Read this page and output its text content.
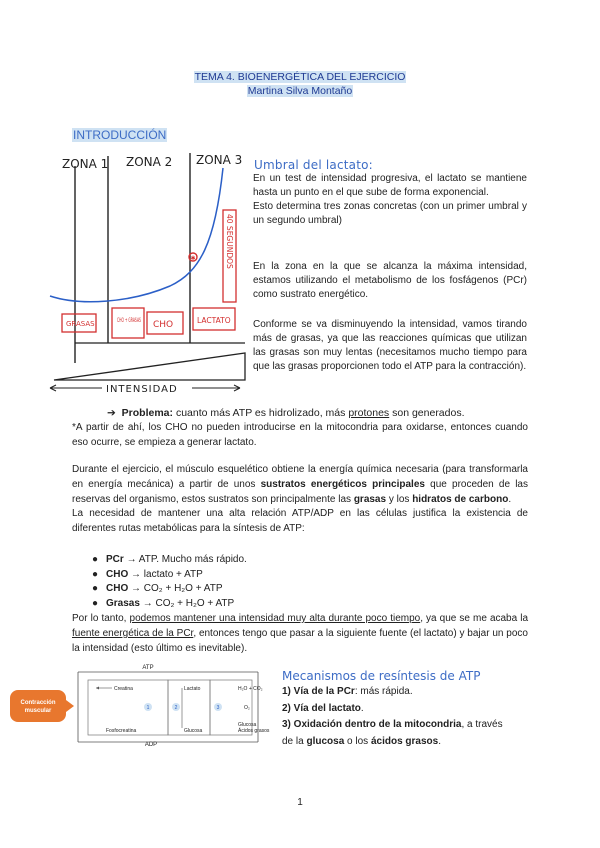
TEMA 4. BIOENERGÉTICA DEL EJERCICIO
Martina Silva Montaño
INTRODUCCIÓN
ZONA 1 ZONA 2 ZONA 3
✱	40 SEGUNDOS
GRASAS	CHO + GRASAS CHO	LACTATO
INTENSIDAD
Umbral del lactato:

En un test de intensidad progresiva, el lactato se mantiene hasta un punto en el que sube de forma exponencial.

Esto determina tres zonas concretas (con un primer umbral y un segundo umbral)

En la zona en la que se alcanza la máxima intensidad, estamos utilizando el metabolismo de los fosfágenos (PCr) como sustrato energético.

Conforme se va disminuyendo la intensidad, vamos tirando más de grasas, ya que las reacciones químicas que utilizan las grasas son muy lentas (necesitamos mucho tiempo para que las grasas proporcionen todo el ATP para la contracción).

➔ Problema: cuanto más ATP es hidrolizado, más protones son generados.

*A partir de ahí, los CHO no pueden introducirse en la mitocondria para oxidarse, entonces cuando eso ocurre, se empieza a generar lactato.

Durante el ejercicio, el músculo esquelético obtiene la energía química necesaria (para transformarla en energía mecánica) a partir de unos sustratos energéticos principales que proceden de las reservas del organismo, estos sustratos son principalmente las grasas y los hidratos de carbono.

La necesidad de mantener una alta relación ATP/ADP en las células justifica la existencia de diferentes rutas metabólicas para la síntesis de ATP:

● PCr → ATP. Mucho más rápido.
● CHO → lactato + ATP
● CHO → CO₂ + H₂O + ATP
● Grasas → CO₂ + H₂O + ATP

Por lo tanto, podemos mantener una intensidad muy alta durante poco tiempo, ya que se me acaba la fuente energética de la PCr, entonces tengo que pasar a la siguiente fuente (el lactato) y bajar un poco la intensidad (esto último es inevitable).

Contracción muscular
ATP
ADP
Creatina
Fosfocreatina
1
Lactato
Glucosa
2
H₂O + CO₂
O₂
Glucosa
Ácidos grasos
3
Mecanismos de resíntesis de ATP
1) Vía de la PCr: más rápida.
2) Vía del lactato.
3) Oxidación dentro de la mitocondria, a través
de la glucosa o los ácidos grasos.
1
